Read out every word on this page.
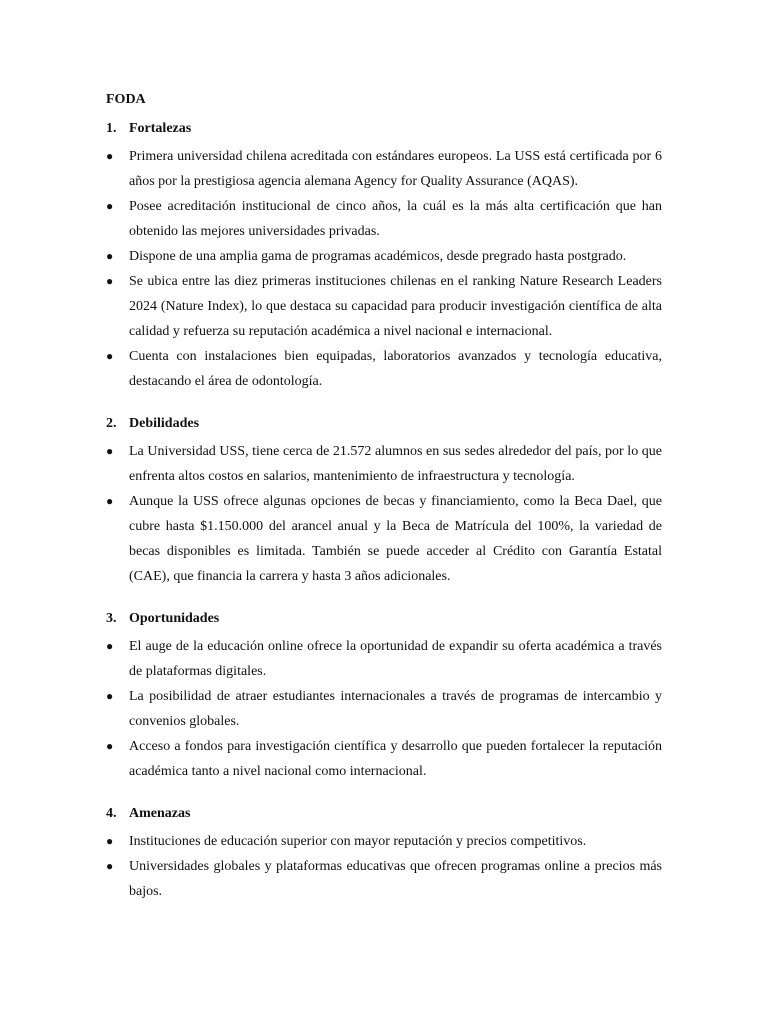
FODA
1. Fortalezas
●	Primera universidad chilena acreditada con estándares europeos. La USS está certificada por 6 años por la prestigiosa agencia alemana Agency for Quality Assurance (AQAS).
●	Posee acreditación institucional de cinco años, la cuál es la más alta certificación que han obtenido las mejores universidades privadas.
●	Dispone de una amplia gama de programas académicos, desde pregrado hasta postgrado.
●	Se ubica entre las diez primeras instituciones chilenas en el ranking Nature Research Leaders 2024 (Nature Index), lo que destaca su capacidad para producir investigación científica de alta calidad y refuerza su reputación académica a nivel nacional e internacional.
●	Cuenta con instalaciones bien equipadas, laboratorios avanzados y tecnología educativa, destacando el área de odontología.
2. Debilidades
●	La Universidad USS, tiene cerca de 21.572 alumnos en sus sedes alrededor del país, por lo que enfrenta altos costos en salarios, mantenimiento de infraestructura y tecnología.
●	Aunque la USS ofrece algunas opciones de becas y financiamiento, como la Beca Dael, que cubre hasta $1.150.000 del arancel anual y la Beca de Matrícula del 100%, la variedad de becas disponibles es limitada. También se puede acceder al Crédito con Garantía Estatal (CAE), que financia la carrera y hasta 3 años adicionales.
3. Oportunidades
●	El auge de la educación online ofrece la oportunidad de expandir su oferta académica a través de plataformas digitales.
●	La posibilidad de atraer estudiantes internacionales a través de programas de intercambio y convenios globales.
●	Acceso a fondos para investigación científica y desarrollo que pueden fortalecer la reputación académica tanto a nivel nacional como internacional.
4. Amenazas
●	Instituciones de educación superior con mayor reputación y precios competitivos.
●	Universidades globales y plataformas educativas que ofrecen programas online a precios más bajos.
